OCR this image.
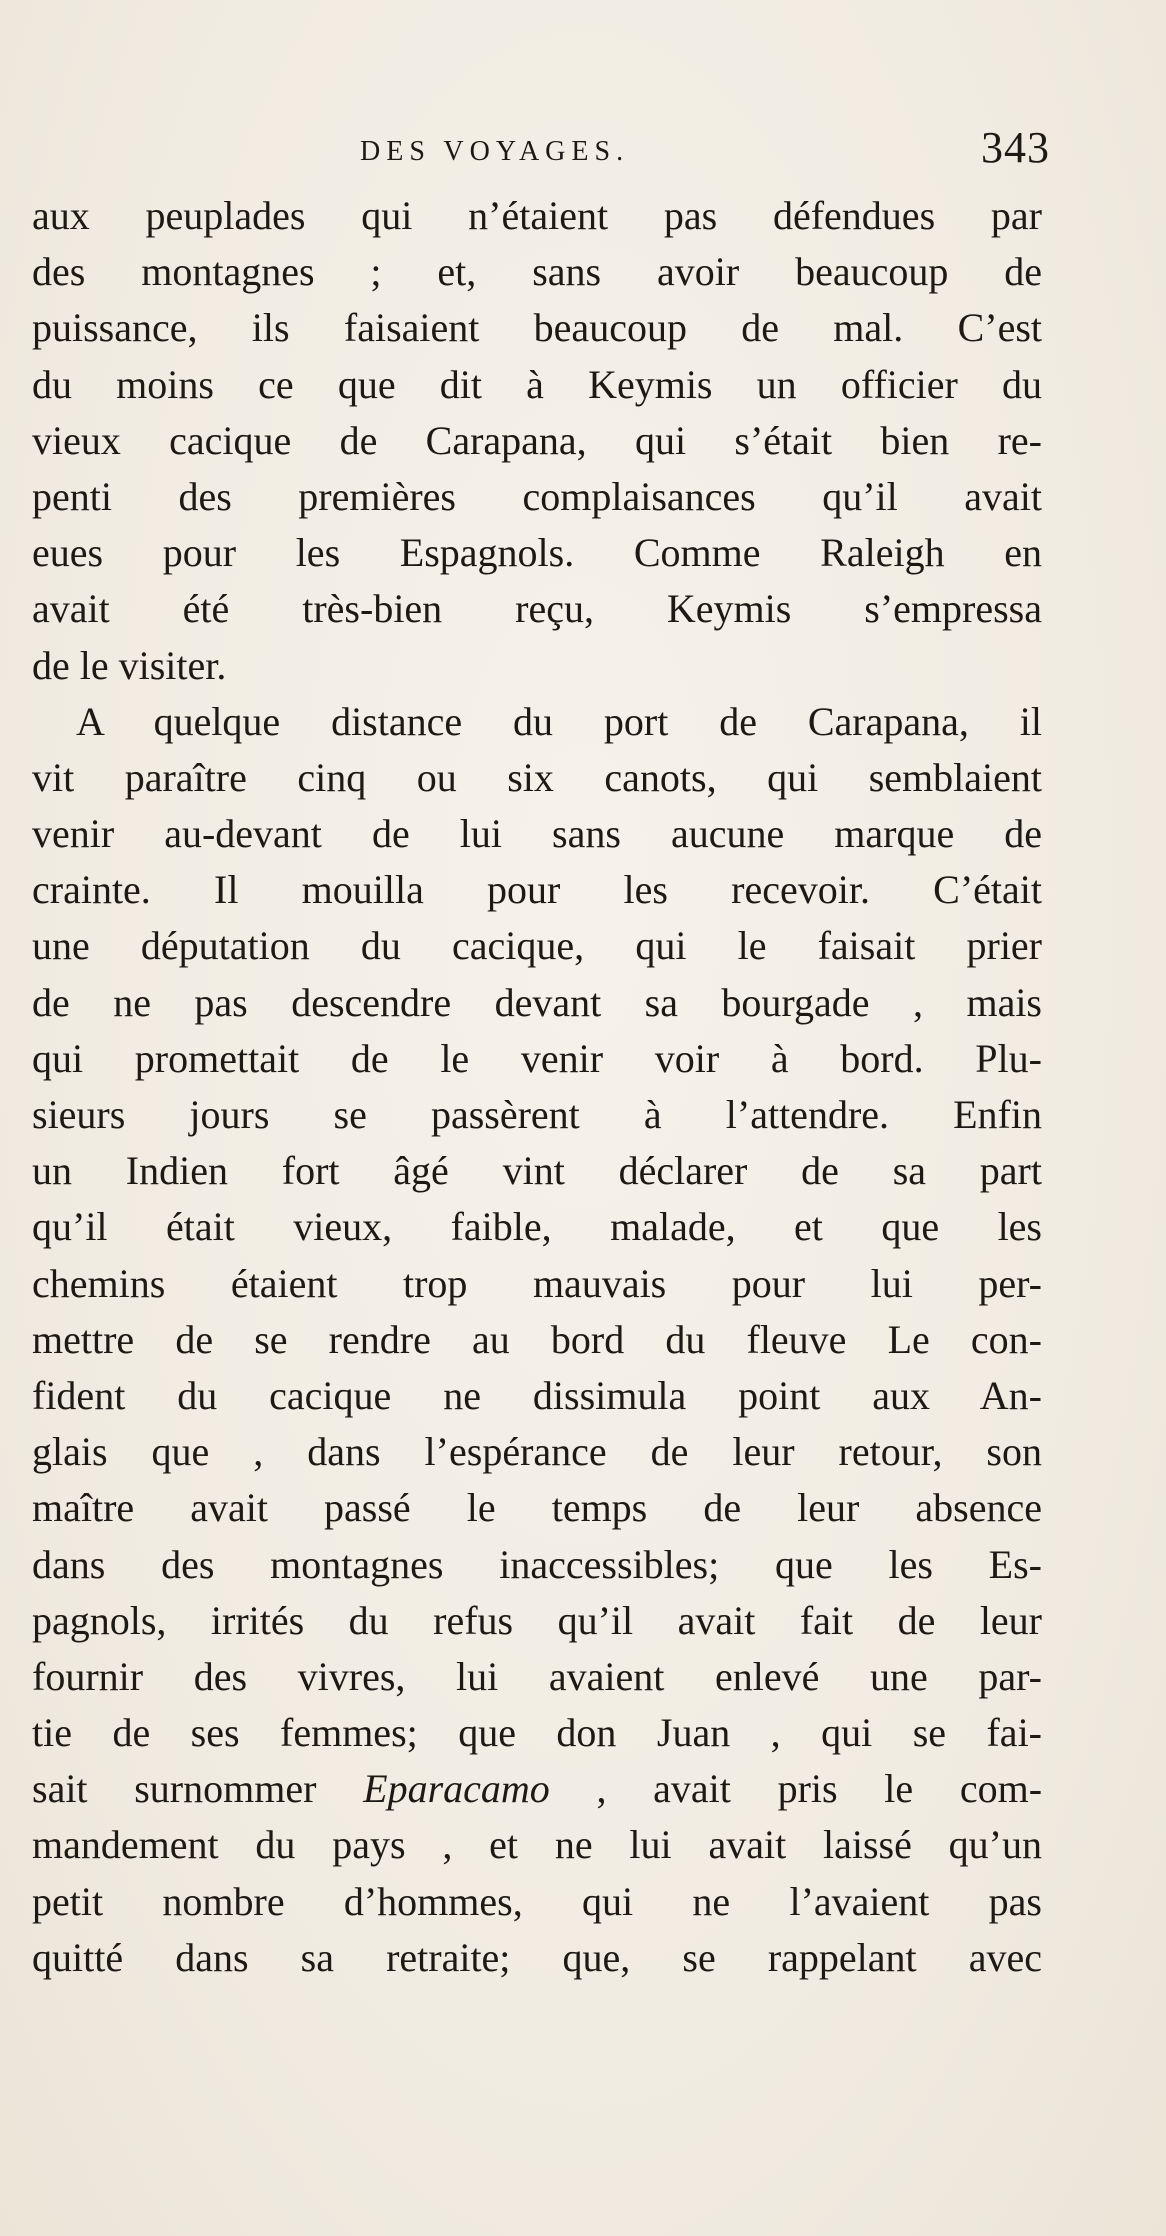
DES VOYAGES.	343
aux peuplades qui n’étaient pas défendues par
des montagnes ; et, sans avoir beaucoup de
puissance, ils faisaient beaucoup de mal. C’est
du moins ce que dit à Keymis un officier du
vieux cacique de Carapana, qui s’était bien re-
penti des premières complaisances qu’il avait
eues pour les Espagnols. Comme Raleigh en
avait été très-bien reçu, Keymis s’empressa
de le visiter.
A quelque distance du port de Carapana, il
vit paraître cinq ou six canots, qui semblaient
venir au-devant de lui sans aucune marque de
crainte. Il mouilla pour les recevoir. C’était
une députation du cacique, qui le faisait prier
de ne pas descendre devant sa bourgade , mais
qui promettait de le venir voir à bord. Plu-
sieurs jours se passèrent à l’attendre. Enfin
un Indien fort âgé vint déclarer de sa part
qu’il était vieux, faible, malade, et que les
chemins étaient trop mauvais pour lui per-
mettre de se rendre au bord du fleuve Le con-
fident du cacique ne dissimula point aux An-
glais que , dans l’espérance de leur retour, son
maître avait passé le temps de leur absence
dans des montagnes inaccessibles; que les Es-
pagnols, irrités du refus qu’il avait fait de leur
fournir des vivres, lui avaient enlevé une par-
tie de ses femmes; que don Juan , qui se fai-
sait surnommer Eparacamo , avait pris le com-
mandement du pays , et ne lui avait laissé qu’un
petit nombre d’hommes, qui ne l’avaient pas
quitté dans sa retraite; que, se rappelant avec
